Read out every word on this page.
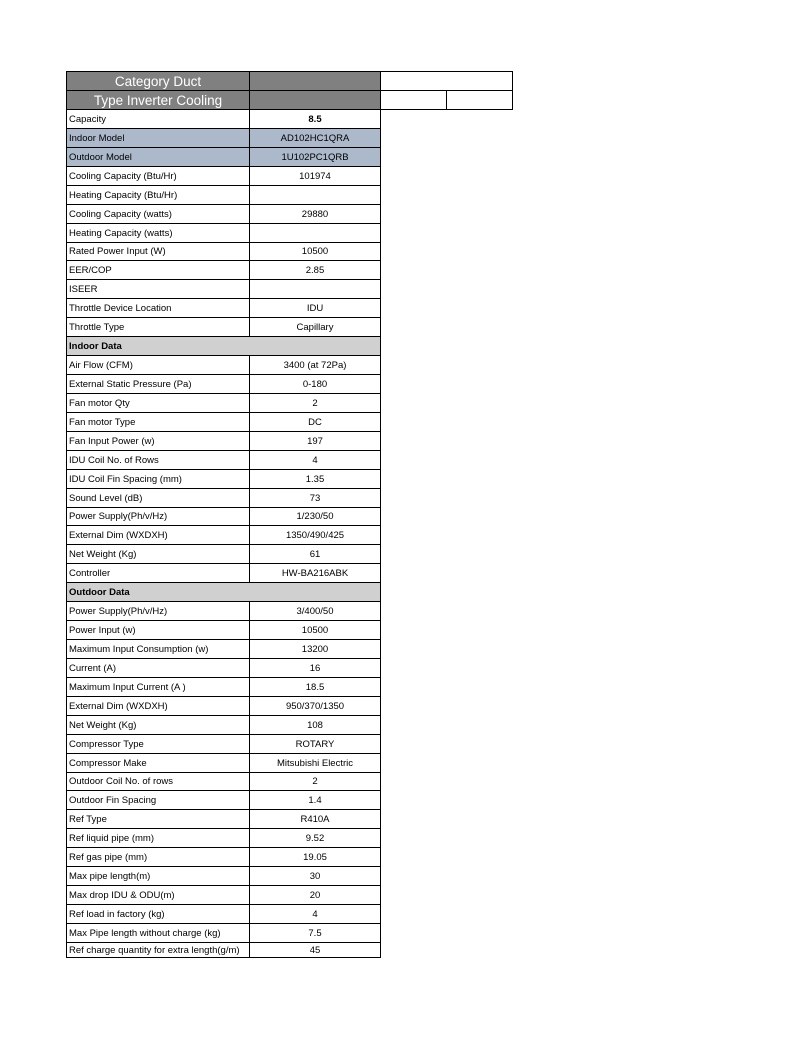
Category Duct
Type Inverter Cooling
Capacity	8.5
Indoor Model	AD102HC1QRA
Outdoor Model	1U102PC1QRB
Cooling Capacity (Btu/Hr)	101974
Heating Capacity (Btu/Hr)
Cooling Capacity (watts)	29880
Heating Capacity (watts)
Rated Power Input (W)	10500
EER/COP	2.85
ISEER
Throttle Device Location	IDU
Throttle Type	Capillary
Indoor Data
Air Flow (CFM)	3400 (at 72Pa)
External Static Pressure (Pa)	0-180
Fan motor Qty	2
Fan motor Type	DC
Fan Input Power (w)	197
IDU Coil No. of Rows	4
IDU Coil Fin Spacing (mm)	1.35
Sound Level (dB)	73
Power Supply(Ph/v/Hz)	1/230/50
External Dim (WXDXH)	1350/490/425
Net Weight (Kg)	61
Controller	HW-BA216ABK
Outdoor Data
Power Supply(Ph/v/Hz)	3/400/50
Power Input (w)	10500
Maximum Input Consumption (w)	13200
Current (A)	16
Maximum Input Current (A )	18.5
External Dim (WXDXH)	950/370/1350
Net Weight (Kg)	108
Compressor Type	ROTARY
Compressor Make	Mitsubishi Electric
Outdoor Coil No. of rows	2
Outdoor Fin Spacing	1.4
Ref Type	R410A
Ref liquid pipe (mm)	9.52
Ref gas pipe (mm)	19.05
Max pipe length(m)	30
Max drop IDU & ODU(m)	20
Ref load in factory (kg)	4
Max Pipe length without charge (kg)	7.5
Ref charge quantity for extra length(g/m)	45
